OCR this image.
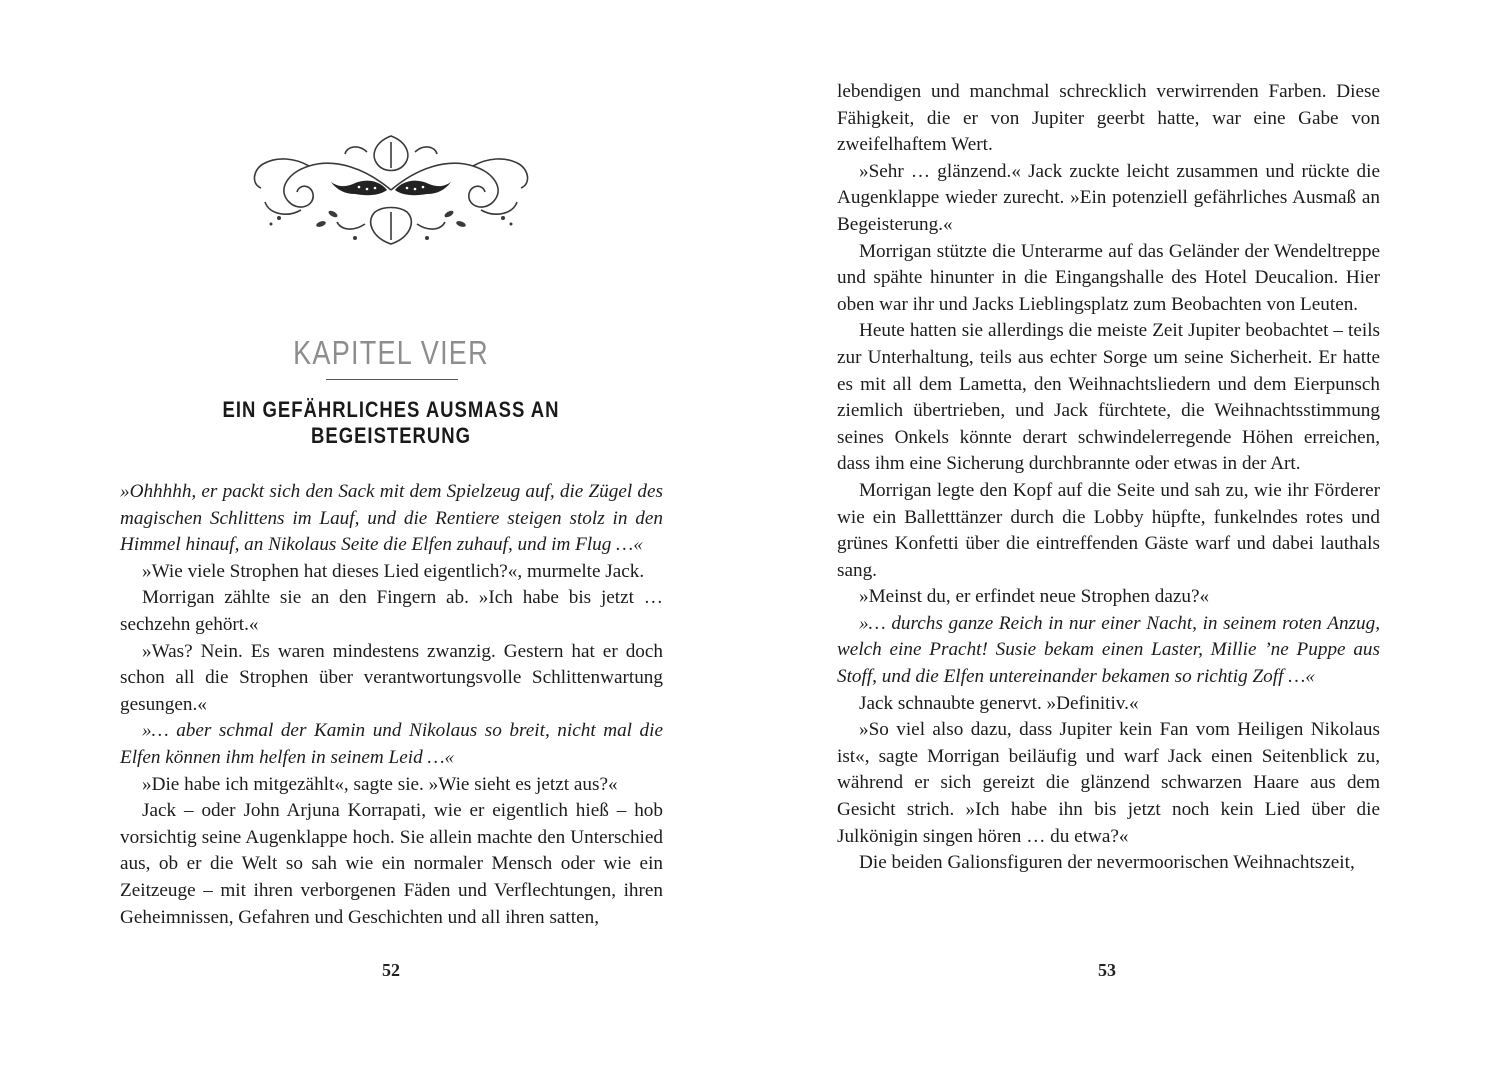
KAPITEL VIER
EIN GEFÄHRLICHES AUSMASS AN BEGEISTERUNG

»Ohhhhh, er packt sich den Sack mit dem Spielzeug auf, die Zügel des magischen Schlittens im Lauf, und die Rentiere steigen stolz in den Himmel hinauf, an Nikolaus Seite die Elfen zuhauf, und im Flug …«

»Wie viele Strophen hat dieses Lied eigentlich?«, murmelte Jack.

Morrigan zählte sie an den Fingern ab. »Ich habe bis jetzt … sechzehn gehört.«

»Was? Nein. Es waren mindestens zwanzig. Gestern hat er doch schon all die Strophen über verantwortungsvolle Schlittenwartung gesungen.«

»… aber schmal der Kamin und Nikolaus so breit, nicht mal die Elfen können ihm helfen in seinem Leid …«

»Die habe ich mitgezählt«, sagte sie. »Wie sieht es jetzt aus?«

Jack – oder John Arjuna Korrapati, wie er eigentlich hieß – hob vorsichtig seine Augenklappe hoch. Sie allein machte den Unterschied aus, ob er die Welt so sah wie ein normaler Mensch oder wie ein Zeitzeuge – mit ihren verborgenen Fäden und Verflechtungen, ihren Geheimnissen, Gefahren und Geschichten und all ihren satten,

52

lebendigen und manchmal schrecklich verwirrenden Farben. Diese Fähigkeit, die er von Jupiter geerbt hatte, war eine Gabe von zweifelhaftem Wert.

»Sehr … glänzend.« Jack zuckte leicht zusammen und rückte die Augenklappe wieder zurecht. »Ein potenziell gefährliches Ausmaß an Begeisterung.«

Morrigan stützte die Unterarme auf das Geländer der Wendeltreppe und spähte hinunter in die Eingangshalle des Hotel Deucalion. Hier oben war ihr und Jacks Lieblingsplatz zum Beobachten von Leuten.

Heute hatten sie allerdings die meiste Zeit Jupiter beobachtet – teils zur Unterhaltung, teils aus echter Sorge um seine Sicherheit. Er hatte es mit all dem Lametta, den Weihnachtsliedern und dem Eierpunsch ziemlich übertrieben, und Jack fürchtete, die Weihnachtsstimmung seines Onkels könnte derart schwindelerregende Höhen erreichen, dass ihm eine Sicherung durchbrannte oder etwas in der Art.

Morrigan legte den Kopf auf die Seite und sah zu, wie ihr Förderer wie ein Balletttänzer durch die Lobby hüpfte, funkelndes rotes und grünes Konfetti über die eintreffenden Gäste warf und dabei lauthals sang.

»Meinst du, er erfindet neue Strophen dazu?«

»… durchs ganze Reich in nur einer Nacht, in seinem roten Anzug, welch eine Pracht! Susie bekam einen Laster, Millie ’ne Puppe aus Stoff, und die Elfen untereinander bekamen so richtig Zoff …«

Jack schnaubte genervt. »Definitiv.«

»So viel also dazu, dass Jupiter kein Fan vom Heiligen Nikolaus ist«, sagte Morrigan beiläufig und warf Jack einen Seitenblick zu, während er sich gereizt die glänzend schwarzen Haare aus dem Gesicht strich. »Ich habe ihn bis jetzt noch kein Lied über die Julkönigin singen hören … du etwa?«

Die beiden Galionsfiguren der nevermoorischen Weihnachtszeit,

53
